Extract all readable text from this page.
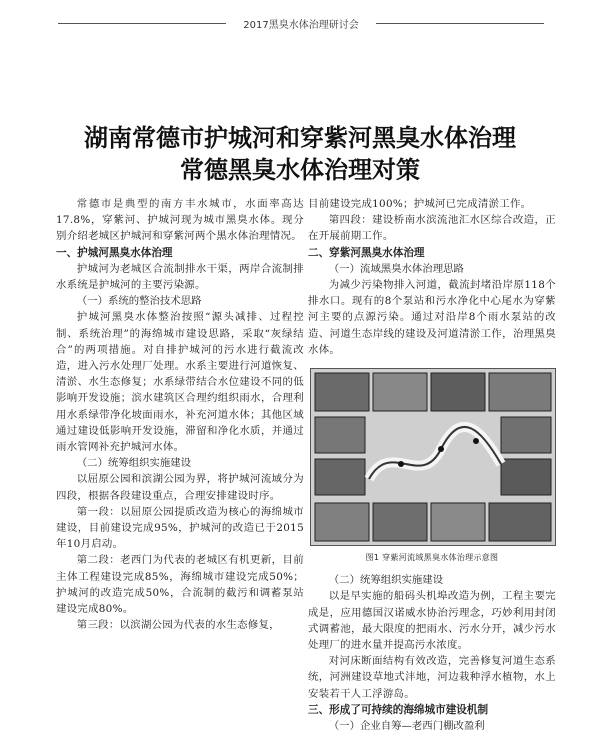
2017黑臭水体治理研讨会
湖南常德市护城河和穿紫河黑臭水体治理
常德黑臭水体治理对策

常德市是典型的南方丰水城市，水面率高达17.8%，穿紫河、护城河现为城市黑臭水体。现分别介绍老城区护城河和穿紫河两个黑水体治理情况。

一、护城河黑臭水体治理

护城河为老城区合流制排水干渠，两岸合流制排水系统是护城河的主要污染源。

（一）系统的整治技术思路

护城河黑臭水体整治按照“源头减排、过程控制、系统治理”的海绵城市建设思路，采取“灰绿结合”的两项措施。对自排护城河的污水进行截流改造，进入污水处理厂处理。水系主要进行河道恢复、清淤、水生态修复；水系绿带结合水位建设不同的低影响开发设施；滨水建筑区合理约组织雨水，合理利用水系绿带净化坡面雨水，补充河道水体；其他区域通过建设低影响开发设施，滞留和净化水质，并通过雨水管网补充护城河水体。

（二）统筹组织实施建设

以屈原公园和滨湖公园为界，将护城河流域分为四段，根据各段建设重点，合理安排建设时序。

第一段：以屈原公园提质改造为核心的海绵城市建设，目前建设完成95%，护城河的改造已于2015年10月启动。

第二段：老西门为代表的老城区有机更新，目前主体工程建设完成85%，海绵城市建设完成50%；护城河的改造完成50%，合流制的截污和调蓄泵站建设完成80%。

第三段：以滨湖公园为代表的水生态修复，

目前建设完成100%；护城河已完成清淤工作。

第四段：建设桥南水滨流池汇水区综合改造，正在开展前期工作。

二、穿紫河黑臭水体治理
（一）流域黑臭水体治理思路

为减少污染物排入河道，截流封堵沿岸原118个排水口。现有的8个泵站和污水净化中心尾水为穿紫河主要的点源污染。通过对沿岸8个雨水泵站的改造、河道生态岸线的建设及河道清淤工作，治理黑臭水体。

图1 穿紫河流域黑臭水体治理示意图

（二）统筹组织实施建设

以是早实施的船码头机埠改造为例，工程主要完成是，应用德国汉诺威水协治污理念，巧妙利用封闭式调蓄池，最大限度的把雨水、污水分开，减少污水处理厂的进水量并提高污水浓度。

对河床断面结构有效改造，完善修复河道生态系统，河洲建设草地式沣地，河边栽种浮水植物，水上安装若干人工浮游岛。

三、形成了可持续的海绵城市建设机制
（一）企业自筹—老西门棚改盈利
